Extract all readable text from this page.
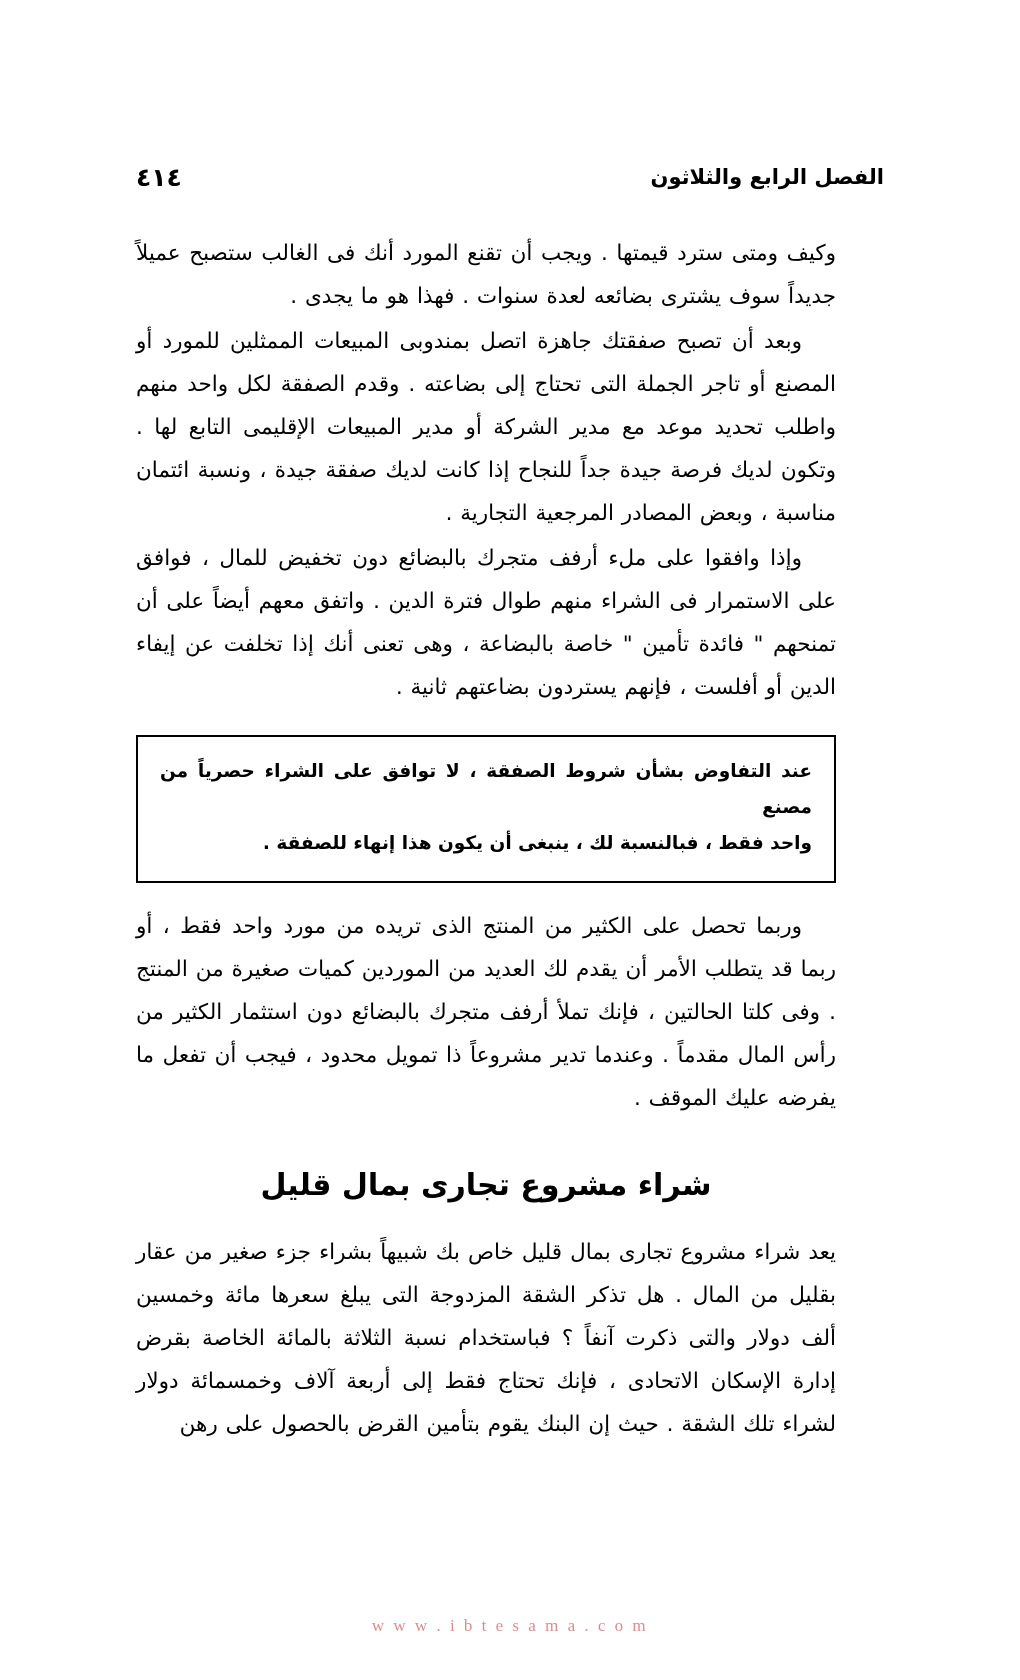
٤١٤	الفصل الرابع والثلاثون

وكيف ومتى سترد قيمتها . ويجب أن تقنع المورد أنك فى الغالب ستصبح عميلاً جديداً سوف يشترى بضائعه لعدة سنوات . فهذا هو ما يجدى .

وبعد أن تصبح صفقتك جاهزة اتصل بمندوبى المبيعات الممثلين للمورد أو المصنع أو تاجر الجملة التى تحتاج إلى بضاعته . وقدم الصفقة لكل واحد منهم واطلب تحديد موعد مع مدير الشركة أو مدير المبيعات الإقليمى التابع لها . وتكون لديك فرصة جيدة جداً للنجاح إذا كانت لديك صفقة جيدة ، ونسبة ائتمان مناسبة ، وبعض المصادر المرجعية التجارية .

وإذا وافقوا على ملء أرفف متجرك بالبضائع دون تخفيض للمال ، فوافق على الاستمرار فى الشراء منهم طوال فترة الدين . واتفق معهم أيضاً على أن تمنحهم " فائدة تأمين " خاصة بالبضاعة ، وهى تعنى أنك إذا تخلفت عن إيفاء الدين أو أفلست ، فإنهم يستردون بضاعتهم ثانية .

عند التفاوض بشأن شروط الصفقة ، لا توافق على الشراء حصرياً من مصنع
واحد فقط ، فبالنسبة لك ، ينبغى أن يكون هذا إنهاء للصفقة .

وربما تحصل على الكثير من المنتج الذى تريده من مورد واحد فقط ، أو ربما قد يتطلب الأمر أن يقدم لك العديد من الموردين كميات صغيرة من المنتج . وفى كلتا الحالتين ، فإنك تملأ أرفف متجرك بالبضائع دون استثمار الكثير من رأس المال مقدماً . وعندما تدير مشروعاً ذا تمويل محدود ، فيجب أن تفعل ما يفرضه عليك الموقف .

شراء مشروع تجارى بمال قليل

يعد شراء مشروع تجارى بمال قليل خاص بك شبيهاً بشراء جزء صغير من عقار بقليل من المال . هل تذكر الشقة المزدوجة التى يبلغ سعرها مائة وخمسين ألف دولار والتى ذكرت آنفاً ؟ فباستخدام نسبة الثلاثة بالمائة الخاصة بقرض إدارة الإسكان الاتحادى ، فإنك تحتاج فقط إلى أربعة آلاف وخمسمائة دولار لشراء تلك الشقة . حيث إن البنك يقوم بتأمين القرض بالحصول على رهن

w w w . i b t e s a m a . c o m
